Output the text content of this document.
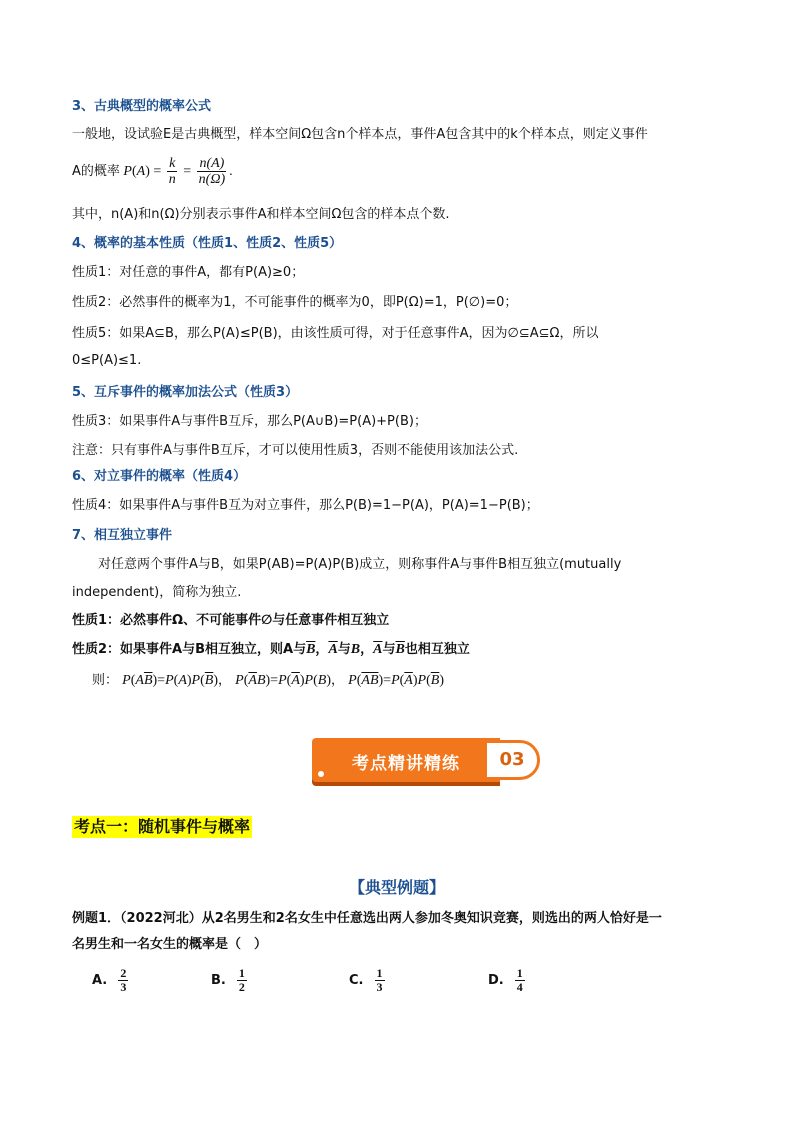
3、古典概型的概率公式
一般地，设试验E是古典概型，样本空间Ω包含n个样本点，事件A包含其中的k个样本点，则定义事件
A的概率 P ( A ) = $\frac{k}{n} = \frac{n(A)}{n(\Omega)}$ .
其中，n(A)和n(Ω)分别表示事件A和样本空间Ω包含的样本点个数.
4、概率的基本性质（性质1、性质2、性质5）
性质1：对任意的事件A，都有P(A)≥0；
性质2：必然事件的概率为1，不可能事件的概率为0，即P(Ω)=1，P(∅)=0；
性质5：如果A⊆B，那么P(A)≤P(B)，由该性质可得，对于任意事件A，因为∅⊆A⊆Ω，所以
0≤P(A)≤1.
5、互斥事件的概率加法公式（性质3）
性质3：如果事件A与事件B互斥，那么P(A∪B)=P(A)+P(B)；
注意：只有事件A与事件B互斥，才可以使用性质3，否则不能使用该加法公式.
6、对立事件的概率（性质4）
性质4：如果事件A与事件B互为对立事件，那么P(B)=1−P(A)，P(A)=1−P(B)；
7、相互独立事件
对任意两个事件A与B，如果P(AB)=P(A)P(B)成立，则称事件A与事件B相互独立(mutually
independent)，简称为独立.
性质1：必然事件Ω、不可能事件∅与任意事件相互独立
性质2：如果事件A与B相互独立，则A与$\overline{B}$，$\overline{A}$与B，$\overline{A}$与$\overline{B}$也相互独立
则： $P(A\overline{B})=P(A)P(\overline{B})$， $P(\overline{A}B)=P(\overline{A})P(B)$， $P(\overline{AB})=P(\overline{A})P(\overline{B})$
考点精讲精练	03
考点一：随机事件与概率
【典型例题】
例题1．（2022河北）从2名男生和2名女生中任意选出两人参加冬奥知识竞赛，则选出的两人恰好是一
名男生和一名女生的概率是（　）
A.
$\frac{2}{3}$	B.
$\frac{1}{2}$	C.
$\frac{1}{3}$	D.
$\frac{1}{4}$
